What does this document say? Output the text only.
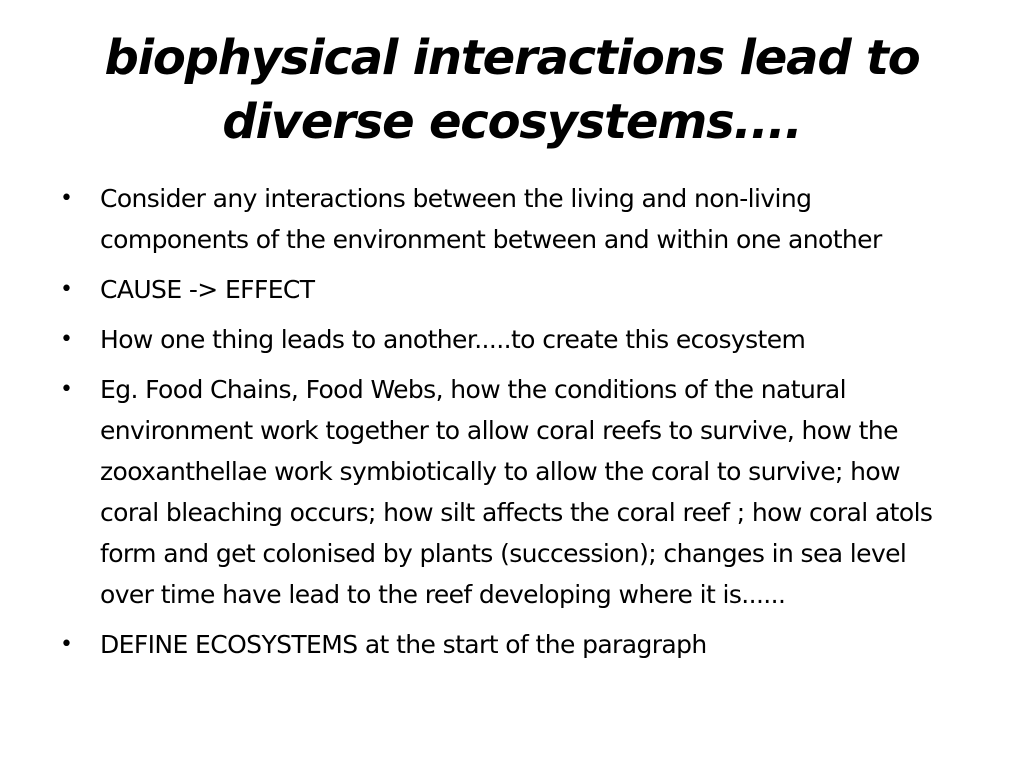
biophysical interactions lead to diverse ecosystems....
•	Consider any interactions between the living and non-living components of the environment between and within one another
•	CAUSE -> EFFECT
•	How one thing leads to another.....to create this ecosystem
•	Eg. Food Chains, Food Webs, how the conditions of the natural environment work together to allow coral reefs to survive, how the zooxanthellae work symbiotically to allow the coral to survive; how coral bleaching occurs; how silt affects the coral reef ; how coral atols form and get colonised by plants (succession); changes in sea level over time have lead to the reef developing where it is......
•	DEFINE ECOSYSTEMS at the start of the paragraph
